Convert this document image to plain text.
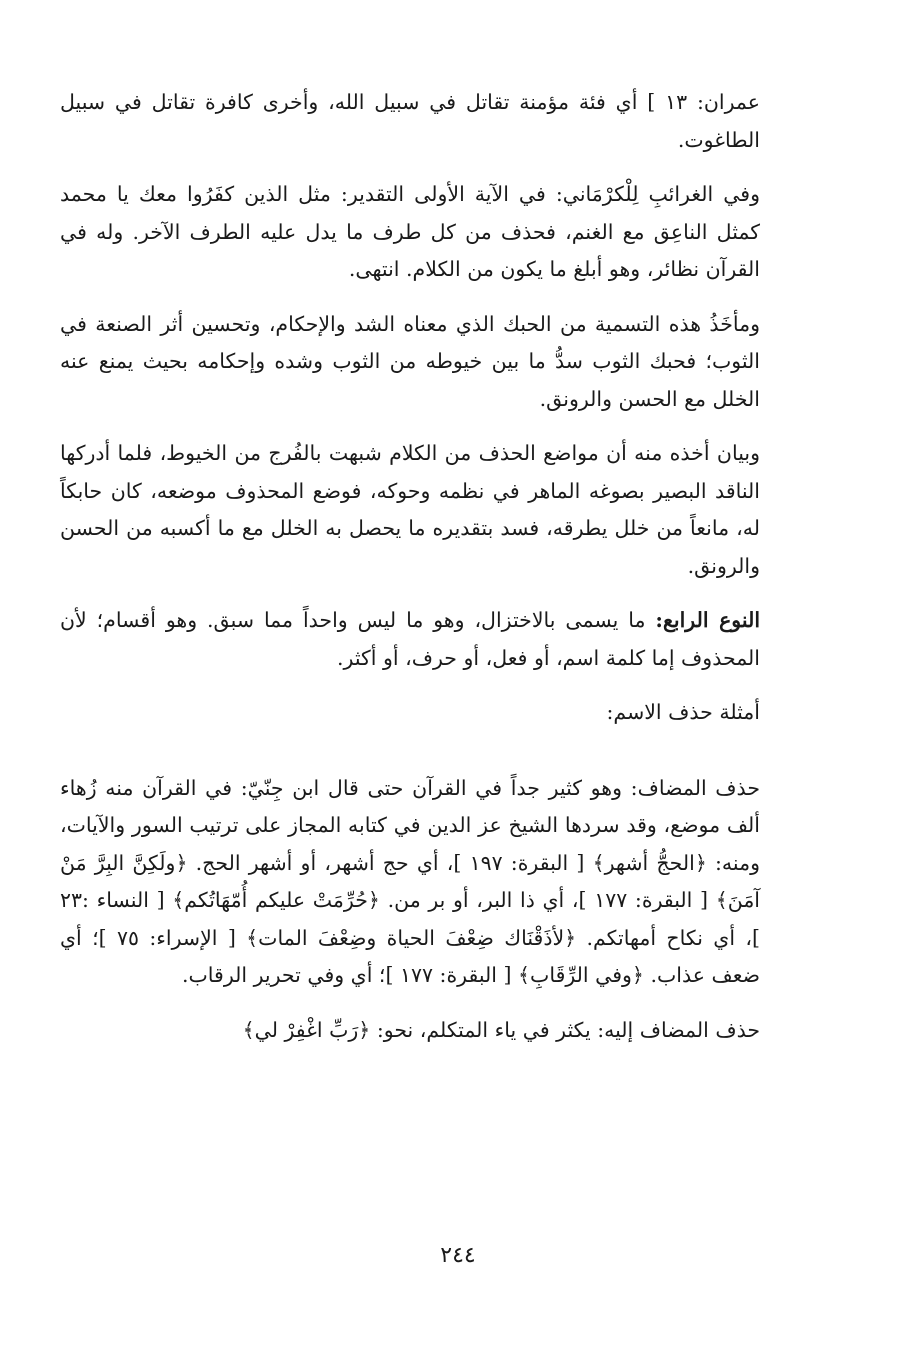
عمران: ١٣ ] أي فئة مؤمنة تقاتل في سبيل الله، وأخرى كافرة تقاتل في سبيل الطاغوت.

وفي الغرائبِ لِلْكرْمَاني: في الآية الأولى التقدير: مثل الذين كفَرُوا معك يا محمد كمثل الناعِق مع الغنم، فحذف من كل طرف ما يدل عليه الطرف الآخر. وله في القرآن نظائر، وهو أبلغ ما يكون من الكلام. انتهى.

ومأخَذُ هذه التسمية من الحبك الذي معناه الشد والإحكام، وتحسين أثر الصنعة في الثوب؛ فحبك الثوب سدُّ ما بين خيوطه من الثوب وشده وإحكامه بحيث يمنع عنه الخلل مع الحسن والرونق.

وبيان أخذه منه أن مواضع الحذف من الكلام شبهت بالفُرج من الخيوط، فلما أدركها الناقد البصير بصوغه الماهر في نظمه وحوكه، فوضع المحذوف موضعه، كان حابكاً له، مانعاً من خلل يطرقه، فسد بتقديره ما يحصل به الخلل مع ما أكسبه من الحسن والرونق.

النوع الرابع: ما يسمى بالاختزال، وهو ما ليس واحداً مما سبق. وهو أقسام؛ لأن المحذوف إما كلمة اسم، أو فعل، أو حرف، أو أكثر.

أمثلة حذف الاسم:

حذف المضاف: وهو كثير جداً في القرآن حتى قال ابن جِنّيّ: في القرآن منه زُهاء ألف موضع، وقد سردها الشيخ عز الدين في كتابه المجاز على ترتيب السور والآيات، ومنه: ﴿الحجُّ أشهر﴾ [ البقرة: ١٩٧ ]، أي حج أشهر، أو أشهر الحج. ﴿ولَكِنَّ البِرَّ مَنْ آمَنَ﴾ [ البقرة: ١٧٧ ]، أي ذا البر، أو بر من. ﴿حُرِّمَتْ عليكم أُمّهَاتُكم﴾ [ النساء :٢٣ ]، أي نكاح أمهاتكم. ﴿لأذَقْنَاك ضِعْفَ الحياة وضِعْفَ المات﴾ [ الإسراء: ٧٥ ]؛ أي ضعف عذاب. ﴿وفي الرِّقَابِ﴾ [ البقرة: ١٧٧ ]؛ أي وفي تحرير الرقاب.

حذف المضاف إليه: يكثر في ياء المتكلم، نحو: ﴿رَبِّ اغْفِرْ لي﴾

٢٤٤
